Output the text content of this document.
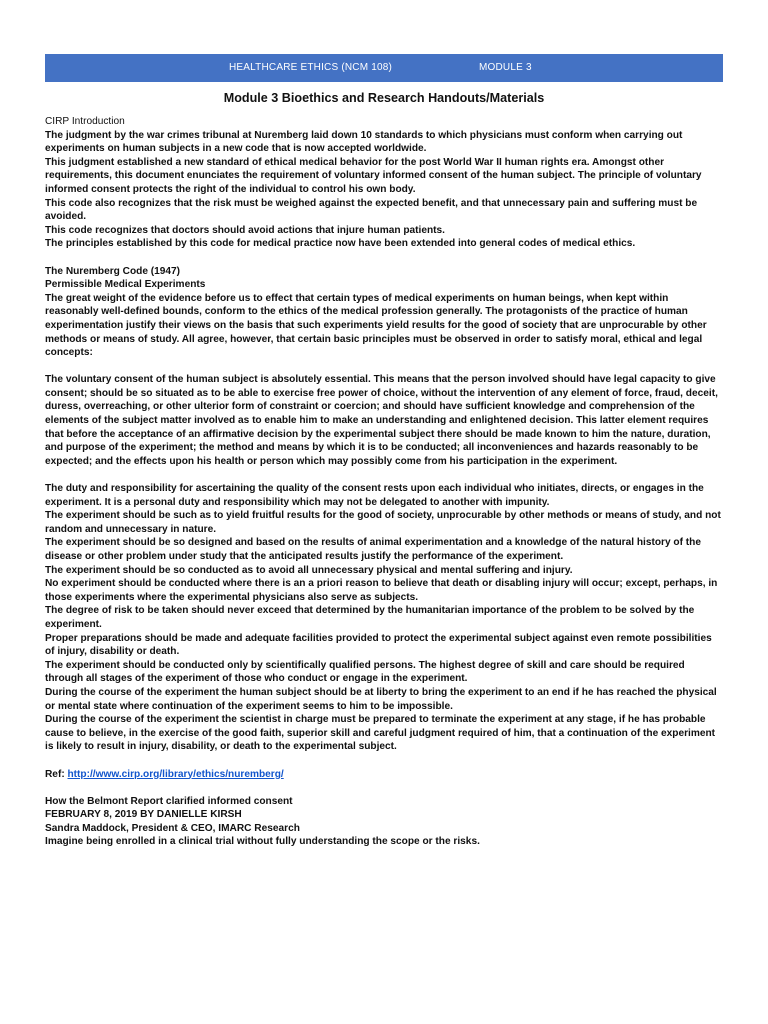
HEALTHCARE ETHICS (NCM 108)	MODULE 3
Module 3 Bioethics and Research Handouts/Materials

CIRP Introduction

The judgment by the war crimes tribunal at Nuremberg laid down 10 standards to which physicians must conform when carrying out experiments on human subjects in a new code that is now accepted worldwide.

This judgment established a new standard of ethical medical behavior for the post World War II human rights era. Amongst other requirements, this document enunciates the requirement of voluntary informed consent of the human subject. The principle of voluntary informed consent protects the right of the individual to control his own body.

This code also recognizes that the risk must be weighed against the expected benefit, and that unnecessary pain and suffering must be avoided.

This code recognizes that doctors should avoid actions that injure human patients.

The principles established by this code for medical practice now have been extended into general codes of medical ethics.

The Nuremberg Code (1947)

Permissible Medical Experiments

The great weight of the evidence before us to effect that certain types of medical experiments on human beings, when kept within reasonably well-defined bounds, conform to the ethics of the medical profession generally. The protagonists of the practice of human experimentation justify their views on the basis that such experiments yield results for the good of society that are unprocurable by other methods or means of study. All agree, however, that certain basic principles must be observed in order to satisfy moral, ethical and legal concepts:

The voluntary consent of the human subject is absolutely essential. This means that the person involved should have legal capacity to give consent; should be so situated as to be able to exercise free power of choice, without the intervention of any element of force, fraud, deceit, duress, overreaching, or other ulterior form of constraint or coercion; and should have sufficient knowledge and comprehension of the elements of the subject matter involved as to enable him to make an understanding and enlightened decision. This latter element requires that before the acceptance of an affirmative decision by the experimental subject there should be made known to him the nature, duration, and purpose of the experiment; the method and means by which it is to be conducted; all inconveniences and hazards reasonably to be expected; and the effects upon his health or person which may possibly come from his participation in the experiment.

The duty and responsibility for ascertaining the quality of the consent rests upon each individual who initiates, directs, or engages in the experiment. It is a personal duty and responsibility which may not be delegated to another with impunity.

The experiment should be such as to yield fruitful results for the good of society, unprocurable by other methods or means of study, and not random and unnecessary in nature.

The experiment should be so designed and based on the results of animal experimentation and a knowledge of the natural history of the disease or other problem under study that the anticipated results justify the performance of the experiment.

The experiment should be so conducted as to avoid all unnecessary physical and mental suffering and injury.

No experiment should be conducted where there is an a priori reason to believe that death or disabling injury will occur; except, perhaps, in those experiments where the experimental physicians also serve as subjects.

The degree of risk to be taken should never exceed that determined by the humanitarian importance of the problem to be solved by the experiment.

Proper preparations should be made and adequate facilities provided to protect the experimental subject against even remote possibilities of injury, disability or death.

The experiment should be conducted only by scientifically qualified persons. The highest degree of skill and care should be required through all stages of the experiment of those who conduct or engage in the experiment.

During the course of the experiment the human subject should be at liberty to bring the experiment to an end if he has reached the physical or mental state where continuation of the experiment seems to him to be impossible.

During the course of the experiment the scientist in charge must be prepared to terminate the experiment at any stage, if he has probable cause to believe, in the exercise of the good faith, superior skill and careful judgment required of him, that a continuation of the experiment is likely to result in injury, disability, or death to the experimental subject.

Ref: http://www.cirp.org/library/ethics/nuremberg/

How the Belmont Report clarified informed consent

FEBRUARY 8, 2019 BY DANIELLE KIRSH

Sandra Maddock, President & CEO, IMARC Research

Imagine being enrolled in a clinical trial without fully understanding the scope or the risks.
